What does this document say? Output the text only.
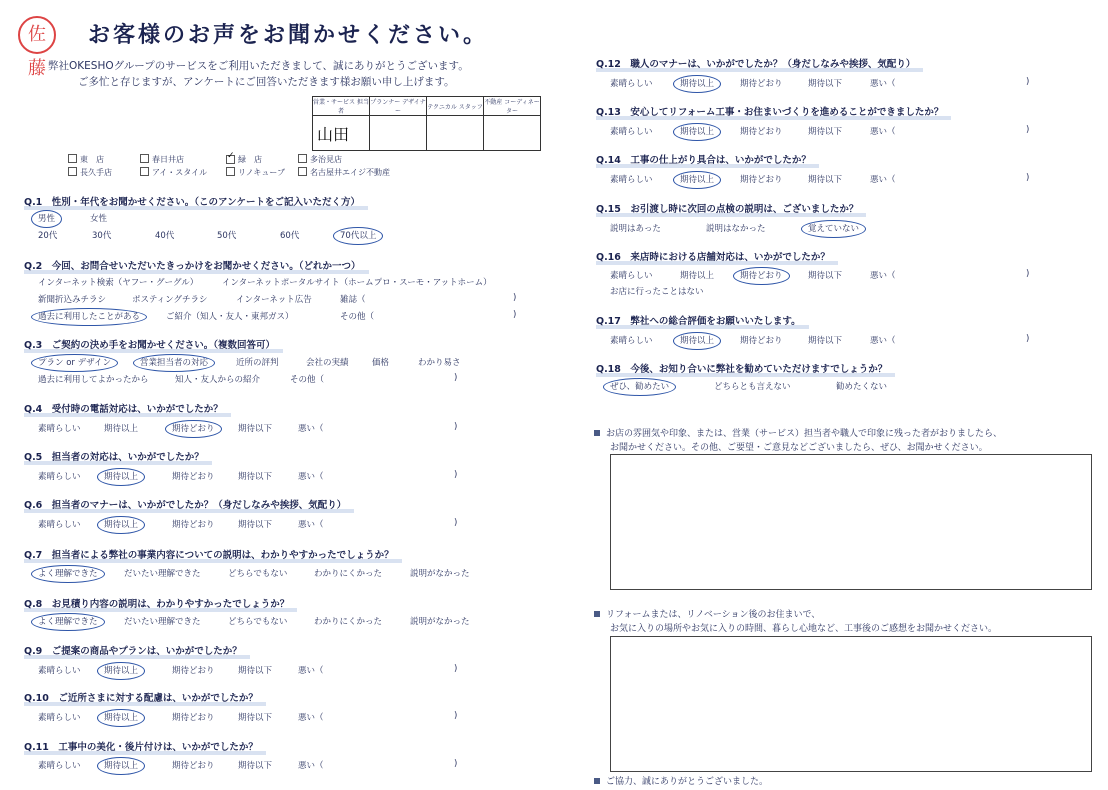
佐藤
お客様のお声をお聞かせください。
弊社OKESHOグループのサービスをご利用いただきまして、誠にありがとうございます。
ご多忙と存じますが、アンケートにご回答いただきます様お願い申し上げます。
営業・サービス 担当者	プランナー デザイナー	テクニカル スタッフ	不動産 コーディネーター
山田			
東　店	春日井店 ✓	緑　店	多治見店
長久手店	アイ・スタイル	リノキューブ	名古屋井エイジ不動産
Q.1　性別・年代をお聞かせください。（このアンケートをご記入いただく方）
男性	女性
20代	30代	40代	50代	60代	70代以上
Q.2　今回、お問合せいただいたきっかけをお聞かせください。（どれか一つ）
インターネット検索（ヤフー・グーグル）	インターネットポータルサイト（ホームプロ・スーモ・アットホーム）
新聞折込みチラシ	ポスティングチラシ	インターネット広告	雑誌（	)
過去に利用したことがある	ご紹介（知人・友人・東邦ガス）	その他（	)
Q.3　ご契約の決め手をお聞かせください。（複数回答可）
プラン or デザイン	営業担当者の対応	近所の評判	会社の実績	価格	わかり易さ
過去に利用してよかったから	知人・友人からの紹介	その他（	)
Q.4　受付時の電話対応は、いかがでしたか？
素晴らしい	期待以上	期待どおり	期待以下	悪い（	)
Q.5　担当者の対応は、いかがでしたか？
素晴らしい	期待以上	期待どおり	期待以下	悪い（	)
Q.6　担当者のマナーは、いかがでしたか？（身だしなみや挨拶、気配り）
素晴らしい	期待以上	期待どおり	期待以下	悪い（	)
Q.7　担当者による弊社の事業内容についての説明は、わかりやすかったでしょうか？
よく理解できた	だいたい理解できた	どちらでもない	わかりにくかった	説明がなかった
Q.8　お見積り内容の説明は、わかりやすかったでしょうか？
よく理解できた	だいたい理解できた	どちらでもない	わかりにくかった	説明がなかった
Q.9　ご提案の商品やプランは、いかがでしたか？
素晴らしい	期待以上	期待どおり	期待以下	悪い（	)
Q.10　ご近所さまに対する配慮は、いかがでしたか？
素晴らしい	期待以上	期待どおり	期待以下	悪い（	)
Q.11　工事中の美化・後片付けは、いかがでしたか？
素晴らしい	期待以上	期待どおり	期待以下	悪い（	)
Q.12　職人のマナーは、いかがでしたか？（身だしなみや挨拶、気配り）
素晴らしい	期待以上	期待どおり	期待以下	悪い（	)
Q.13　安心してリフォーム工事・お住まいづくりを進めることができましたか？
素晴らしい	期待以上	期待どおり	期待以下	悪い（	)
Q.14　工事の仕上がり具合は、いかがでしたか？
素晴らしい	期待以上	期待どおり	期待以下	悪い（	)
Q.15　お引渡し時に次回の点検の説明は、ございましたか？
説明はあった	説明はなかった	覚えていない
Q.16　来店時における店舗対応は、いかがでしたか？
素晴らしい	期待以上	期待どおり	期待以下	悪い（	)
お店に行ったことはない
Q.17　弊社への総合評価をお願いいたします。
素晴らしい	期待以上	期待どおり	期待以下	悪い（	)
Q.18　今後、お知り合いに弊社を勧めていただけますでしょうか？
ぜひ、勧めたい	どちらとも言えない	勧めたくない
お店の雰囲気や印象、または、営業（サービス）担当者や職人で印象に残った者がおりましたら、
お聞かせください。その他、ご要望・ご意見などございましたら、ぜひ、お聞かせください。
リフォームまたは、リノベーション後のお住まいで、
お気に入りの場所やお気に入りの時間、暮らし心地など、工事後のご感想をお聞かせください。
ご協力、誠にありがとうございました。
